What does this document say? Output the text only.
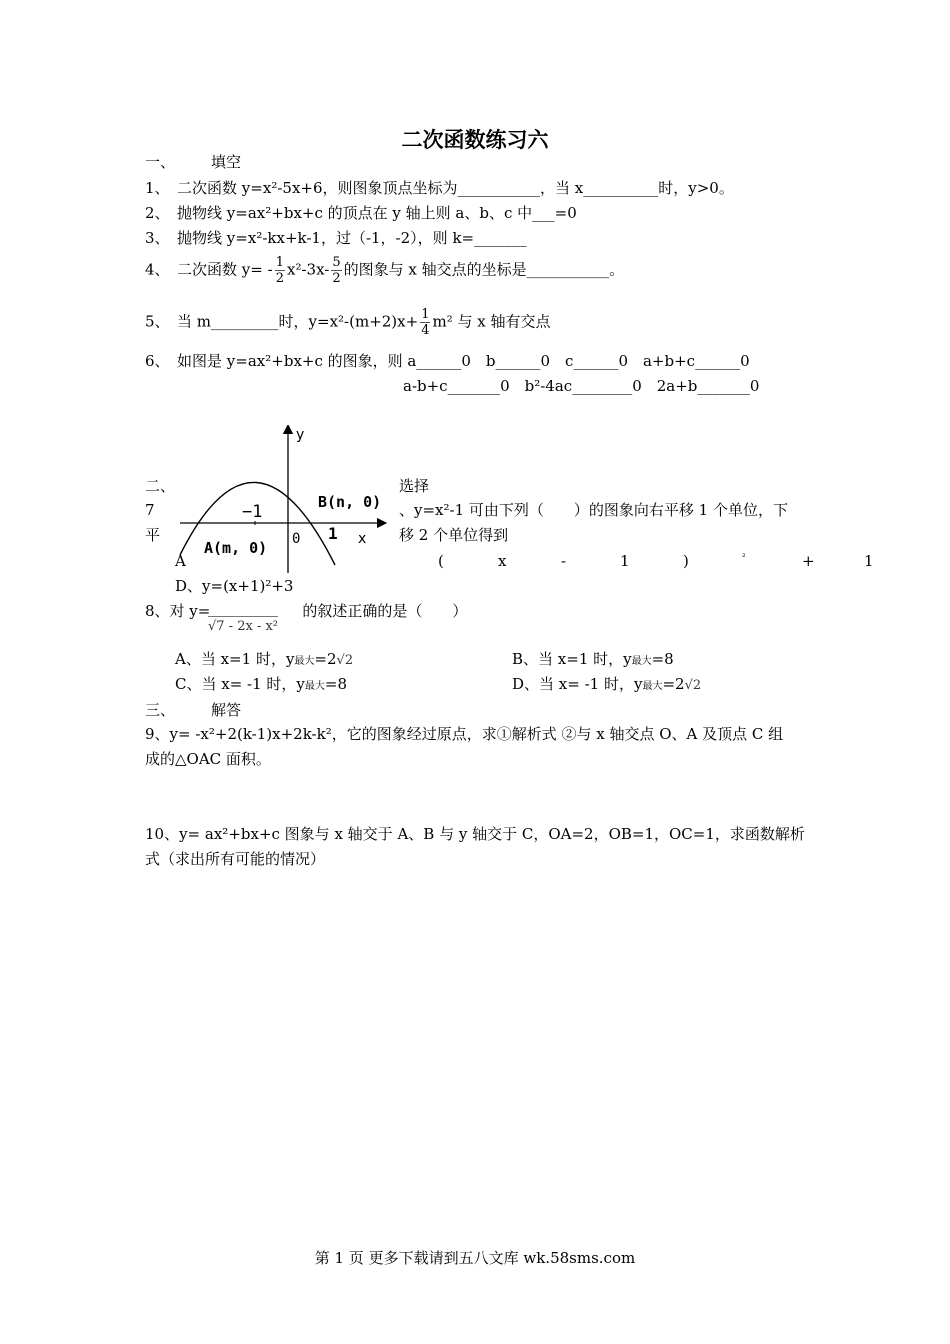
二次函数练习六
一、 填空
1、　二次函数 y=x²-5x+6，则图象顶点坐标为___________，当 x__________时，y>0。
2、　抛物线 y=ax²+bx+c 的顶点在 y 轴上则 a、b、c 中___=0
3、　抛物线 y=x²-kx+k-1，过（-1，-2），则 k=_______
4、　二次函数 $y= - \frac{1}{2} x^2-3x- \frac{5}{2}$ 的图象与 x 轴交点的坐标是___________。
5、　当 m_________时，$y=x^2-(m+2)x+ \frac{1}{4} m^2$ 与 x 轴有交点
6、　如图是 y=ax²+bx+c 的图象，则 a______0　b______0　c______0　a+b+c______0
a-b+c_______0　b²-4ac________0　2a+b_______0
y
x
−1
0 1
A(m, 0)
B(n, 0)
二、	选择
7	、y=x²-1 可由下列（　　）的图象向右平移 1 个单位，下
平	移 2 个单位得到
A	(	x	-	1	)	²	+	1
D、y=(x+1)²+3
8、对 y=	的叙述正确的是（　　）
√7 - 2x - x²
A、当 x=1 时，y最大=2√2	B、当 x=1 时，y最大=8
C、当 x= -1 时，y最大=8	D、当 x= -1 时，y最大=2√2
三、 解答
9、y= -x²+2(k-1)x+2k-k²，它的图象经过原点，求①解析式 ②与 x 轴交点 O、A 及顶点 C 组
成的△OAC 面积。
10、y= ax²+bx+c 图象与 x 轴交于 A、B 与 y 轴交于 C，OA=2，OB=1，OC=1，求函数解析
式（求出所有可能的情况）
第 1 页 更多下载请到五八文库 wk.58sms.com
